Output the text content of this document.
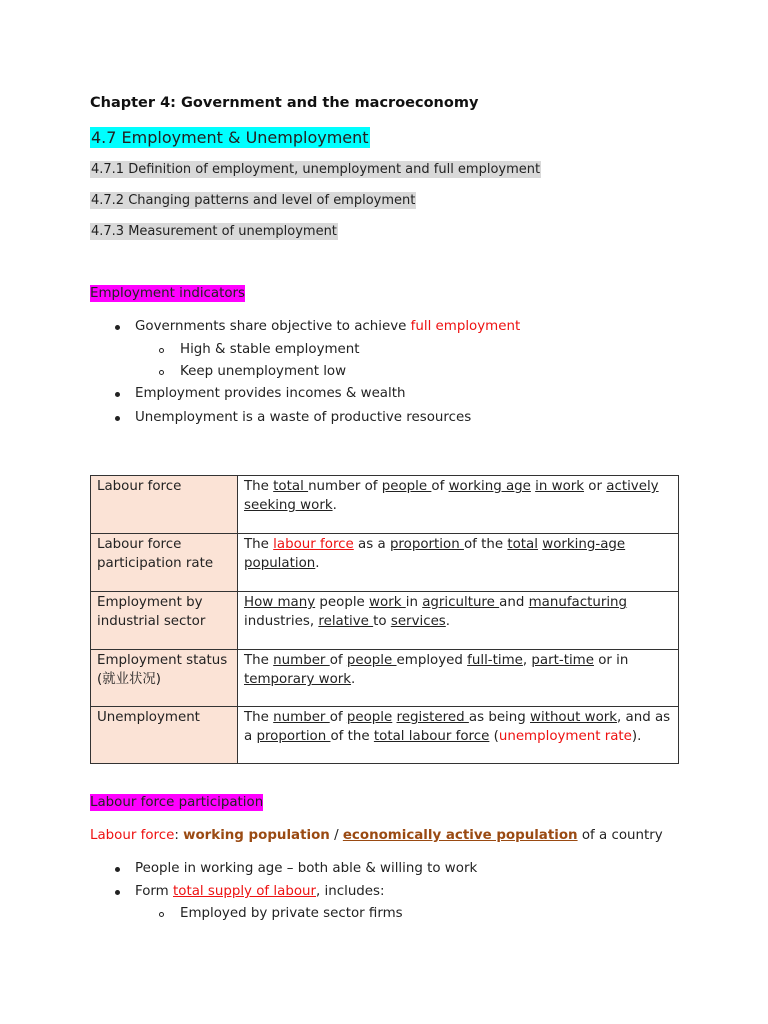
Chapter 4: Government and the macroeconomy
4.7 Employment & Unemployment
4.7.1 Definition of employment, unemployment and full employment
4.7.2 Changing patterns and level of employment
4.7.3 Measurement of unemployment
Employment indicators
Governments share objective to achieve full employment
High & stable employment
Keep unemployment low
Employment provides incomes & wealth
Unemployment is a waste of productive resources
Labour force	The total number of people of working age in work or actively seeking work.
Labour force participation rate	The labour force as a proportion of the total working-age population.
Employment by industrial sector	How many people work in agriculture and manufacturing industries, relative to services.
Employment status (就业状况)	The number of people employed full-time, part-time or in temporary work.
Unemployment	The number of people registered as being without work, and as a proportion of the total labour force (unemployment rate).
Labour force participation
Labour force: working population / economically active population of a country
People in working age – both able & willing to work
Form total supply of labour, includes:
Employed by private sector firms
